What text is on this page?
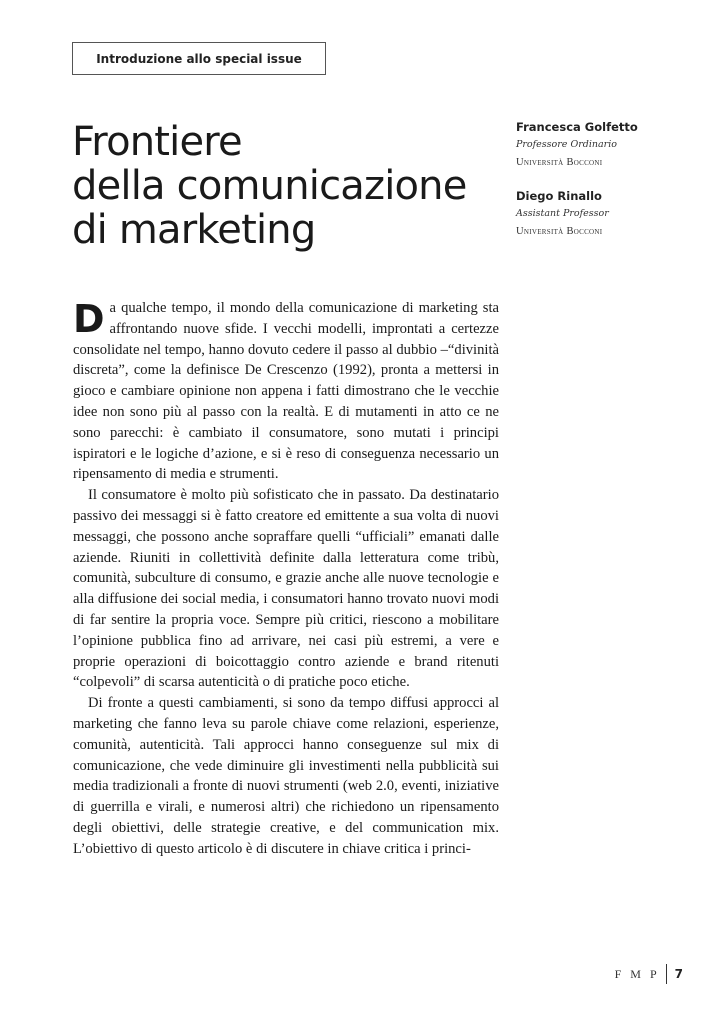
Introduzione allo special issue
Frontiere
della comunicazione
di marketing
Francesca Golfetto
Professore Ordinario
Università Bocconi
Diego Rinallo
Assistant Professor
Università Bocconi

Da qualche tempo, il mondo della comunicazione di marketing sta affrontando nuove sfide. I vecchi modelli, improntati a certezze consolidate nel tempo, hanno dovuto cedere il passo al dubbio –“divinità discreta”, come la definisce De Crescenzo (1992), pronta a mettersi in gioco e cambiare opinione non appena i fatti dimostrano che le vecchie idee non sono più al passo con la realtà. E di mutamenti in atto ce ne sono parecchi: è cambiato il consumatore, sono mutati i principi ispiratori e le logiche d’azione, e si è reso di conseguenza necessario un ripensamento di media e strumenti.

Il consumatore è molto più sofisticato che in passato. Da destinatario passivo dei messaggi si è fatto creatore ed emittente a sua volta di nuovi messaggi, che possono anche sopraffare quelli “ufficiali” emanati dalle aziende. Riuniti in collettività definite dalla letteratura come tribù, comunità, subculture di consumo, e grazie anche alle nuove tecnologie e alla diffusione dei social media, i consumatori hanno trovato nuovi modi di far sentire la propria voce. Sempre più critici, riescono a mobilitare l’opinione pubblica fino ad arrivare, nei casi più estremi, a vere e proprie operazioni di boicottaggio contro aziende e brand ritenuti “colpevoli” di scarsa autenticità o di pratiche poco etiche.

Di fronte a questi cambiamenti, si sono da tempo diffusi approcci al marketing che fanno leva su parole chiave come relazioni, esperienze, comunità, autenticità. Tali approcci hanno conseguenze sul mix di comunicazione, che vede diminuire gli investimenti nella pubblicità sui media tradizionali a fronte di nuovi strumenti (web 2.0, eventi, iniziative di guerrilla e virali, e numerosi altri) che richiedono un ripensamento degli obiettivi, delle strategie creative, e del communication mix. L’obiettivo di questo articolo è di discutere in chiave critica i princi-

FMP 7
